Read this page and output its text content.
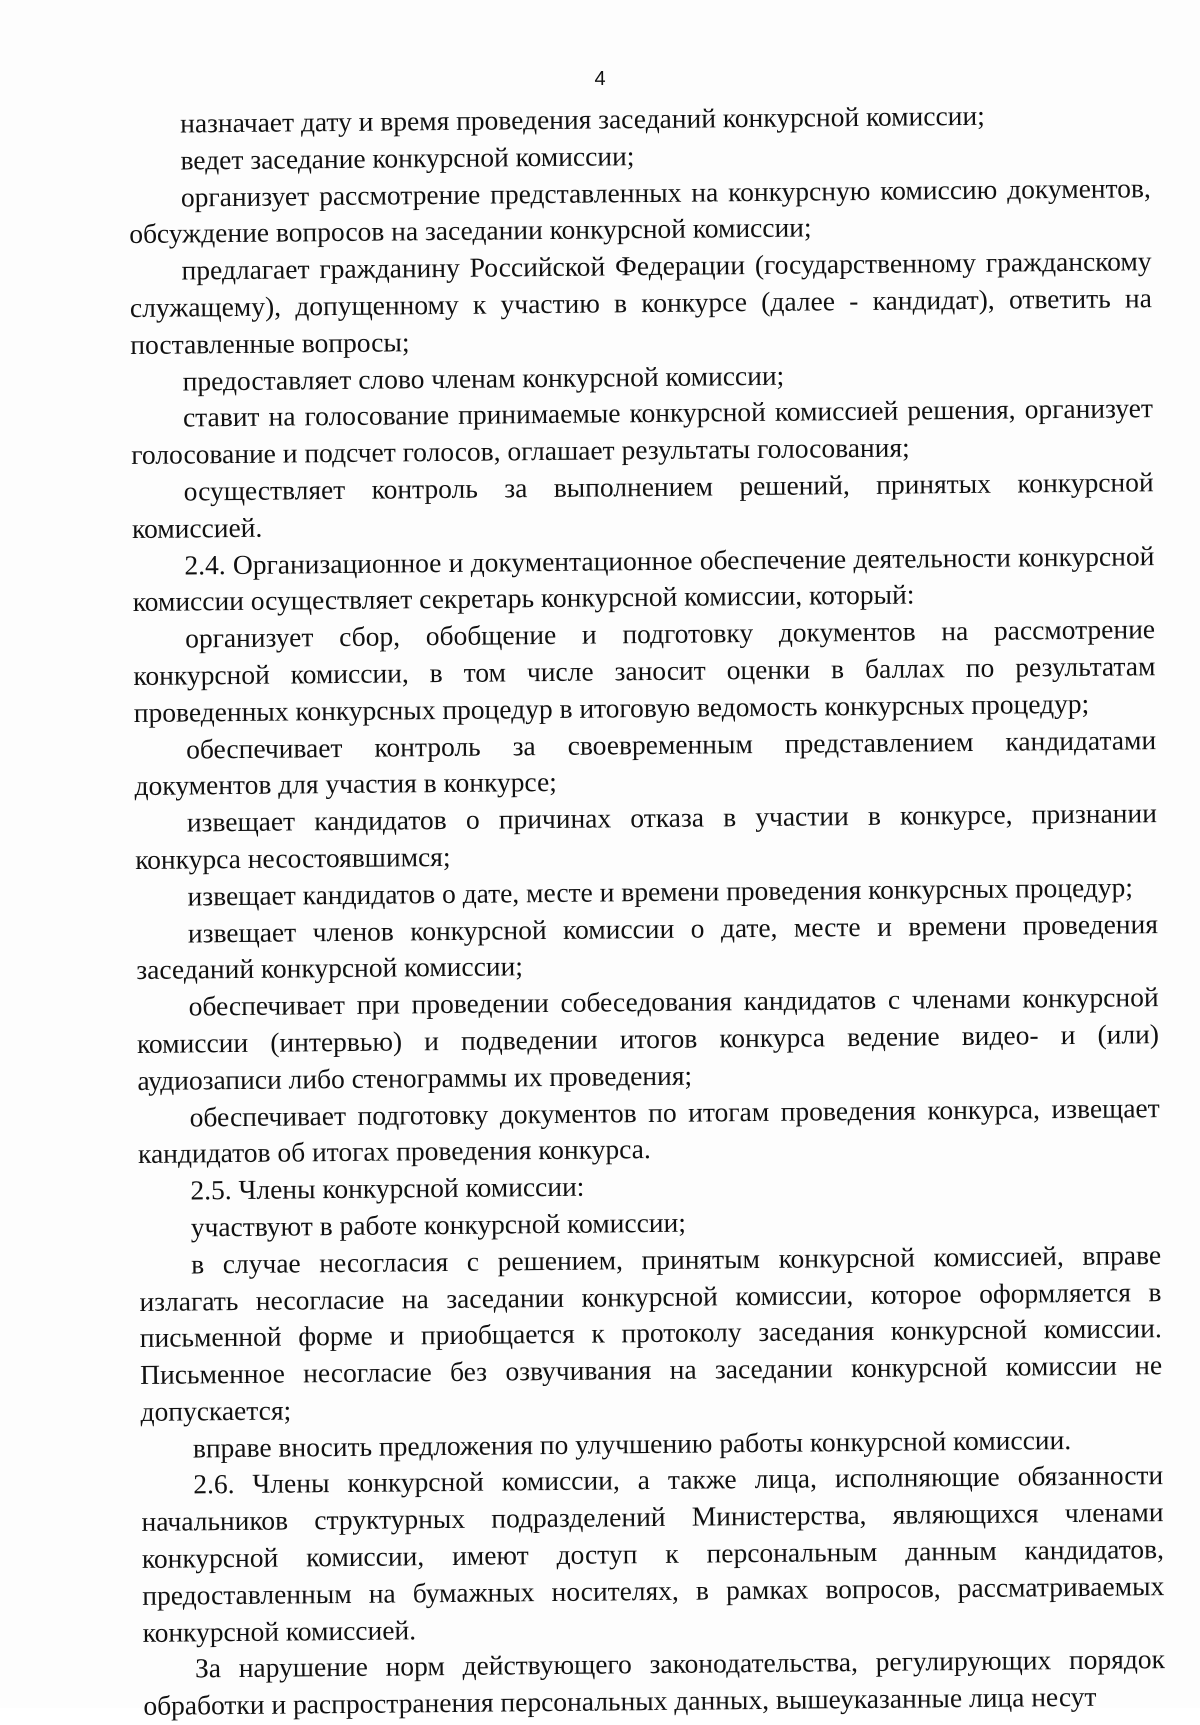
4

назначает дату и время проведения заседаний конкурсной комиссии;

ведет заседание конкурсной комиссии;

организует рассмотрение представленных на конкурсную комиссию документов, обсуждение вопросов на заседании конкурсной комиссии;

предлагает гражданину Российской Федерации (государственному гражданскому служащему), допущенному к участию в конкурсе (далее - кандидат), ответить на поставленные вопросы;

предоставляет слово членам конкурсной комиссии;

ставит на голосование принимаемые конкурсной комиссией решения, организует голосование и подсчет голосов, оглашает результаты голосования;

осуществляет контроль за выполнением решений, принятых конкурсной комиссией.

2.4. Организационное и документационное обеспечение деятельности конкурсной комиссии осуществляет секретарь конкурсной комиссии, который:

организует сбор, обобщение и подготовку документов на рассмотрение конкурсной комиссии, в том числе заносит оценки в баллах по результатам проведенных конкурсных процедур в итоговую ведомость конкурсных процедур;

обеспечивает контроль за своевременным представлением кандидатами документов для участия в конкурсе;

извещает кандидатов о причинах отказа в участии в конкурсе, признании конкурса несостоявшимся;

извещает кандидатов о дате, месте и времени проведения конкурсных процедур;

извещает членов конкурсной комиссии о дате, месте и времени проведения заседаний конкурсной комиссии;

обеспечивает при проведении собеседования кандидатов с членами конкурсной комиссии (интервью) и подведении итогов конкурса ведение видео- и (или) аудиозаписи либо стенограммы их проведения;

обеспечивает подготовку документов по итогам проведения конкурса, извещает кандидатов об итогах проведения конкурса.

2.5. Члены конкурсной комиссии:

участвуют в работе конкурсной комиссии;

в случае несогласия с решением, принятым конкурсной комиссией, вправе излагать несогласие на заседании конкурсной комиссии, которое оформляется в письменной форме и приобщается к протоколу заседания конкурсной комиссии. Письменное несогласие без озвучивания на заседании конкурсной комиссии не допускается;

вправе вносить предложения по улучшению работы конкурсной комиссии.

2.6. Члены конкурсной комиссии, а также лица, исполняющие обязанности начальников структурных подразделений Министерства, являющихся членами конкурсной комиссии, имеют доступ к персональным данным кандидатов, предоставленным на бумажных носителях, в рамках вопросов, рассматриваемых конкурсной комиссией.

За нарушение норм действующего законодательства, регулирующих порядок обработки и распространения персональных данных, вышеуказанные лица несут
